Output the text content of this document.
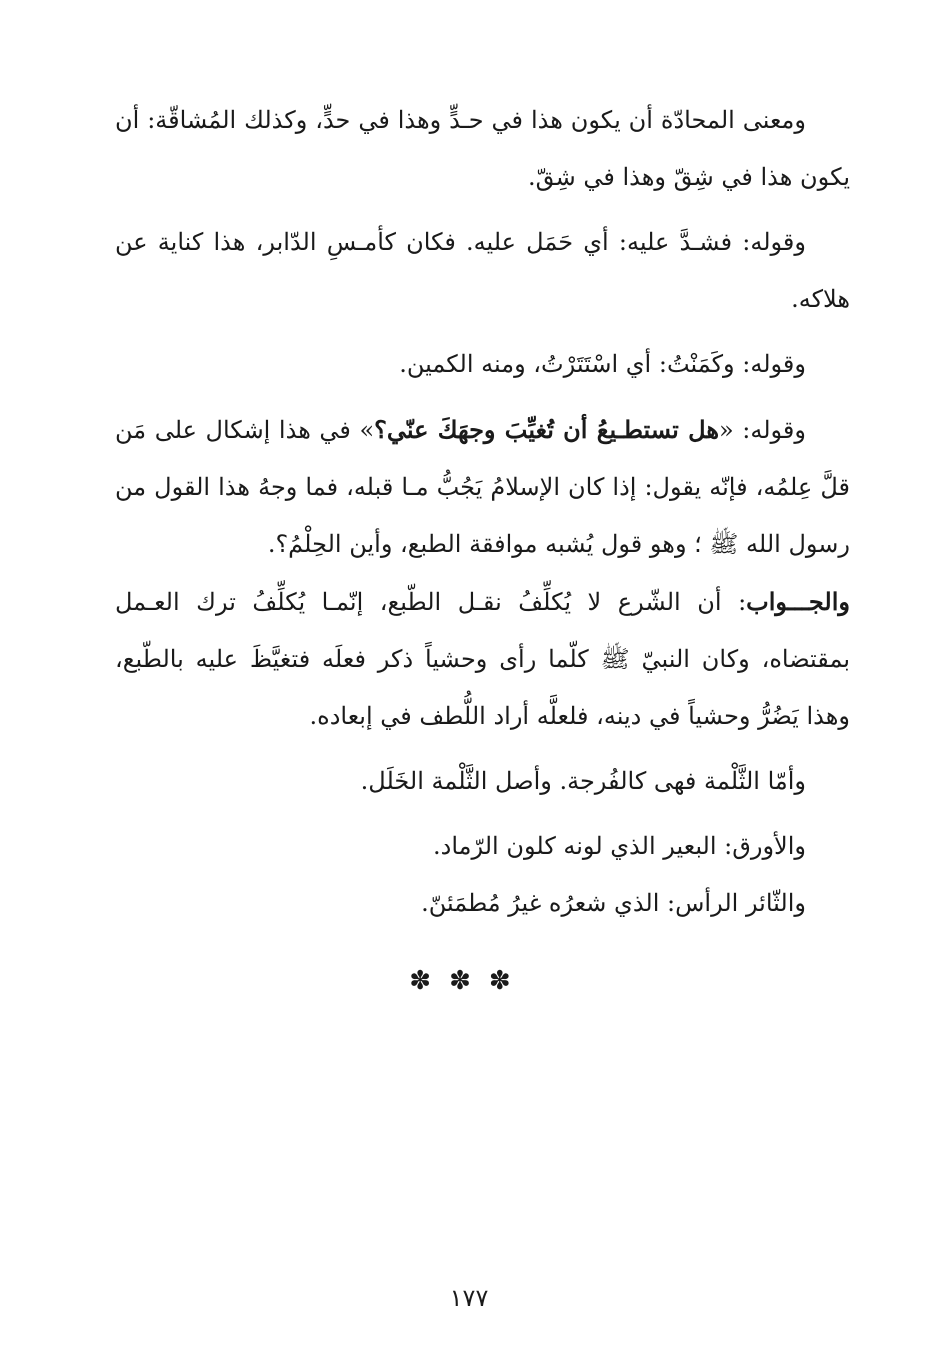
ومعنى المحادّة أن يكون هذا في حـدٍّ وهذا في حدٍّ، وكذلك المُشاقّة: أن يكون هذا في شِقّ وهذا في شِقّ.

وقوله: فشـدَّ عليه: أي حَمَل عليه. فكان كأمـسِ الدّابر، هذا كناية عن هلاكه.

وقوله: وكَمَنْتُ: أي اسْتَتَرْتُ، ومنه الكمين.

وقوله: «هل تستطـيعُ أن تُغيِّبَ وجهَكَ عنّي؟» في هذا إشكال على مَن قلَّ عِلمُه، فإنّه يقول: إذا كان الإسلامُ يَجُبُّ مـا قبله، فما وجهُ هذا القول من رسول الله ﷺ ؛ وهو قول يُشبه موافقة الطبع، وأين الحِلْمُ؟.

والجـــواب: أن الشّرع لا يُكلِّفُ نقـل الطّبع، إنّمـا يُكلِّفُ ترك العـمل بمقتضاه، وكان النبيّ ﷺ كلّما رأى وحشياً ذكر فعلَه فتغيَّظَ عليه بالطّبع، وهذا يَضُرُّ وحشياً في دينه، فلعلَّه أراد اللُّطف في إبعاده.

وأمّا الثَّلْمة فهى كالفُرجة. وأصل الثَّلْمة الخَلَل.

والأورق: البعير الذي لونه كلون الرّماد.

والثّائر الرأس: الذي شعرُه غيرُ مُطمَئنّ.

✽✽✽
١٧٧
